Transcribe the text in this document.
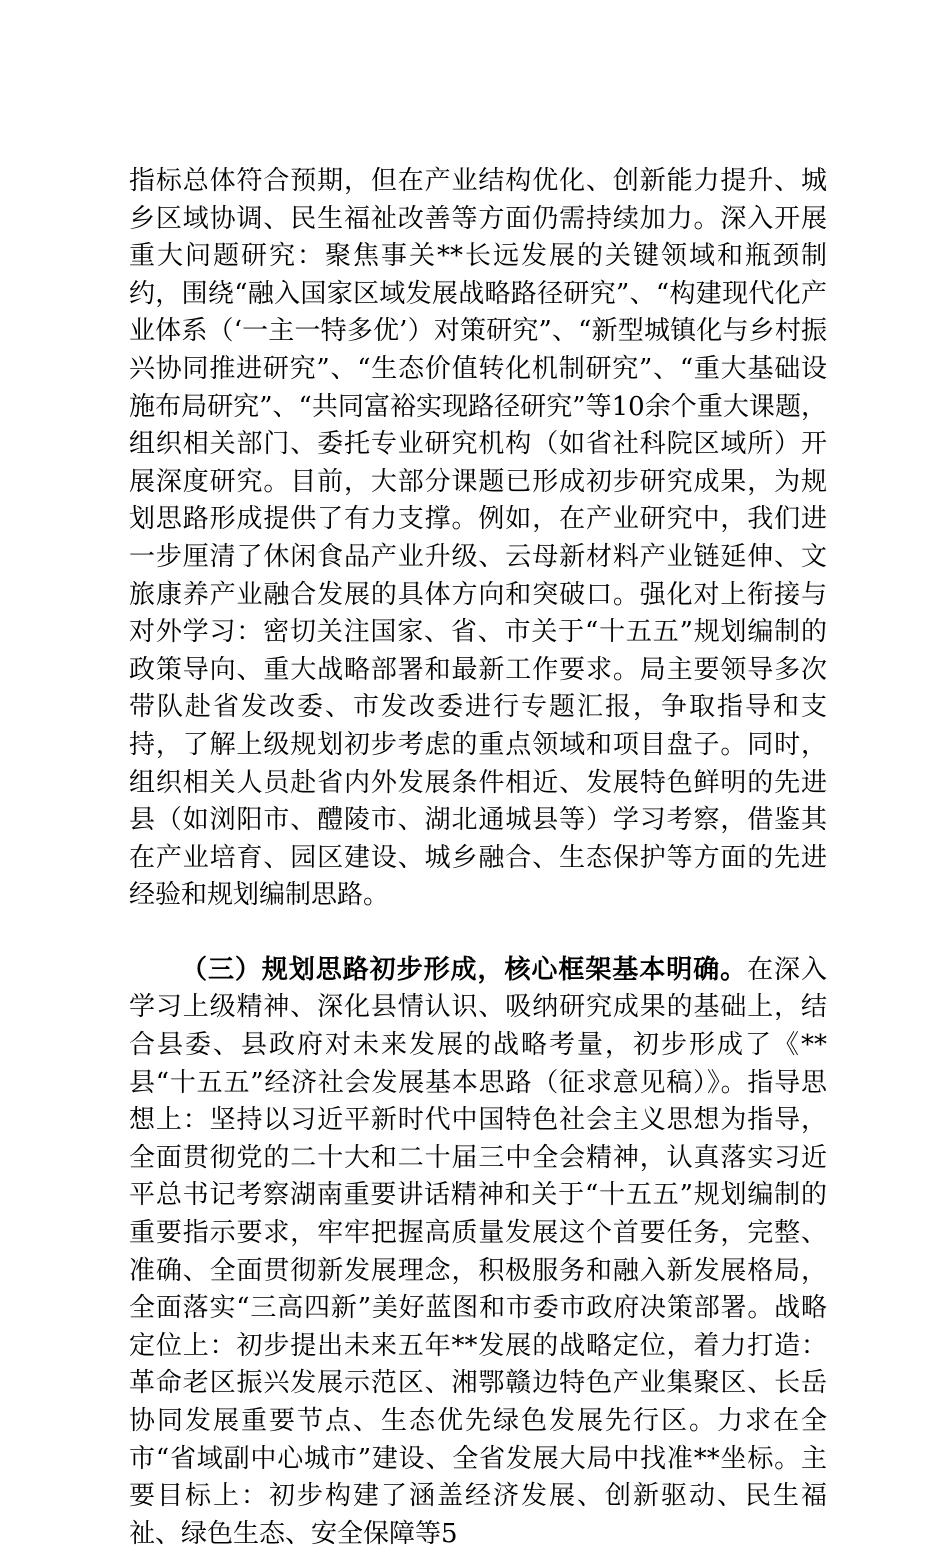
指标总体符合预期，但在产业结构优化、创新能力提升、城乡区域协调、民生福祉改善等方面仍需持续加力。深入开展重大问题研究：聚焦事关**长远发展的关键领域和瓶颈制约，围绕“融入国家区域发展战略路径研究”、“构建现代化产业体系（‘一主一特多优’）对策研究”、“新型城镇化与乡村振兴协同推进研究”、“生态价值转化机制研究”、“重大基础设施布局研究”、“共同富裕实现路径研究”等10余个重大课题，组织相关部门、委托专业研究机构（如省社科院区域所）开展深度研究。目前，大部分课题已形成初步研究成果，为规划思路形成提供了有力支撑。例如，在产业研究中，我们进一步厘清了休闲食品产业升级、云母新材料产业链延伸、文旅康养产业融合发展的具体方向和突破口。强化对上衔接与对外学习：密切关注国家、省、市关于“十五五”规划编制的政策导向、重大战略部署和最新工作要求。局主要领导多次带队赴省发改委、市发改委进行专题汇报，争取指导和支持，了解上级规划初步考虑的重点领域和项目盘子。同时，组织相关人员赴省内外发展条件相近、发展特色鲜明的先进县（如浏阳市、醴陵市、湖北通城县等）学习考察，借鉴其在产业培育、园区建设、城乡融合、生态保护等方面的先进经验和规划编制思路。

（三）规划思路初步形成，核心框架基本明确。在深入学习上级精神、深化县情认识、吸纳研究成果的基础上，结合县委、县政府对未来发展的战略考量，初步形成了《**县“十五五”经济社会发展基本思路（征求意见稿）》。指导思想上：坚持以习近平新时代中国特色社会主义思想为指导，全面贯彻党的二十大和二十届三中全会精神，认真落实习近平总书记考察湖南重要讲话精神和关于“十五五”规划编制的重要指示要求，牢牢把握高质量发展这个首要任务，完整、准确、全面贯彻新发展理念，积极服务和融入新发展格局，全面落实“三高四新”美好蓝图和市委市政府决策部署。战略定位上：初步提出未来五年**发展的战略定位，着力打造：革命老区振兴发展示范区、湘鄂赣边特色产业集聚区、长岳协同发展重要节点、生态优先绿色发展先行区。力求在全市“省域副中心城市”建设、全省发展大局中找准**坐标。主要目标上：初步构建了涵盖经济发展、创新驱动、民生福祉、绿色生态、安全保障等5
